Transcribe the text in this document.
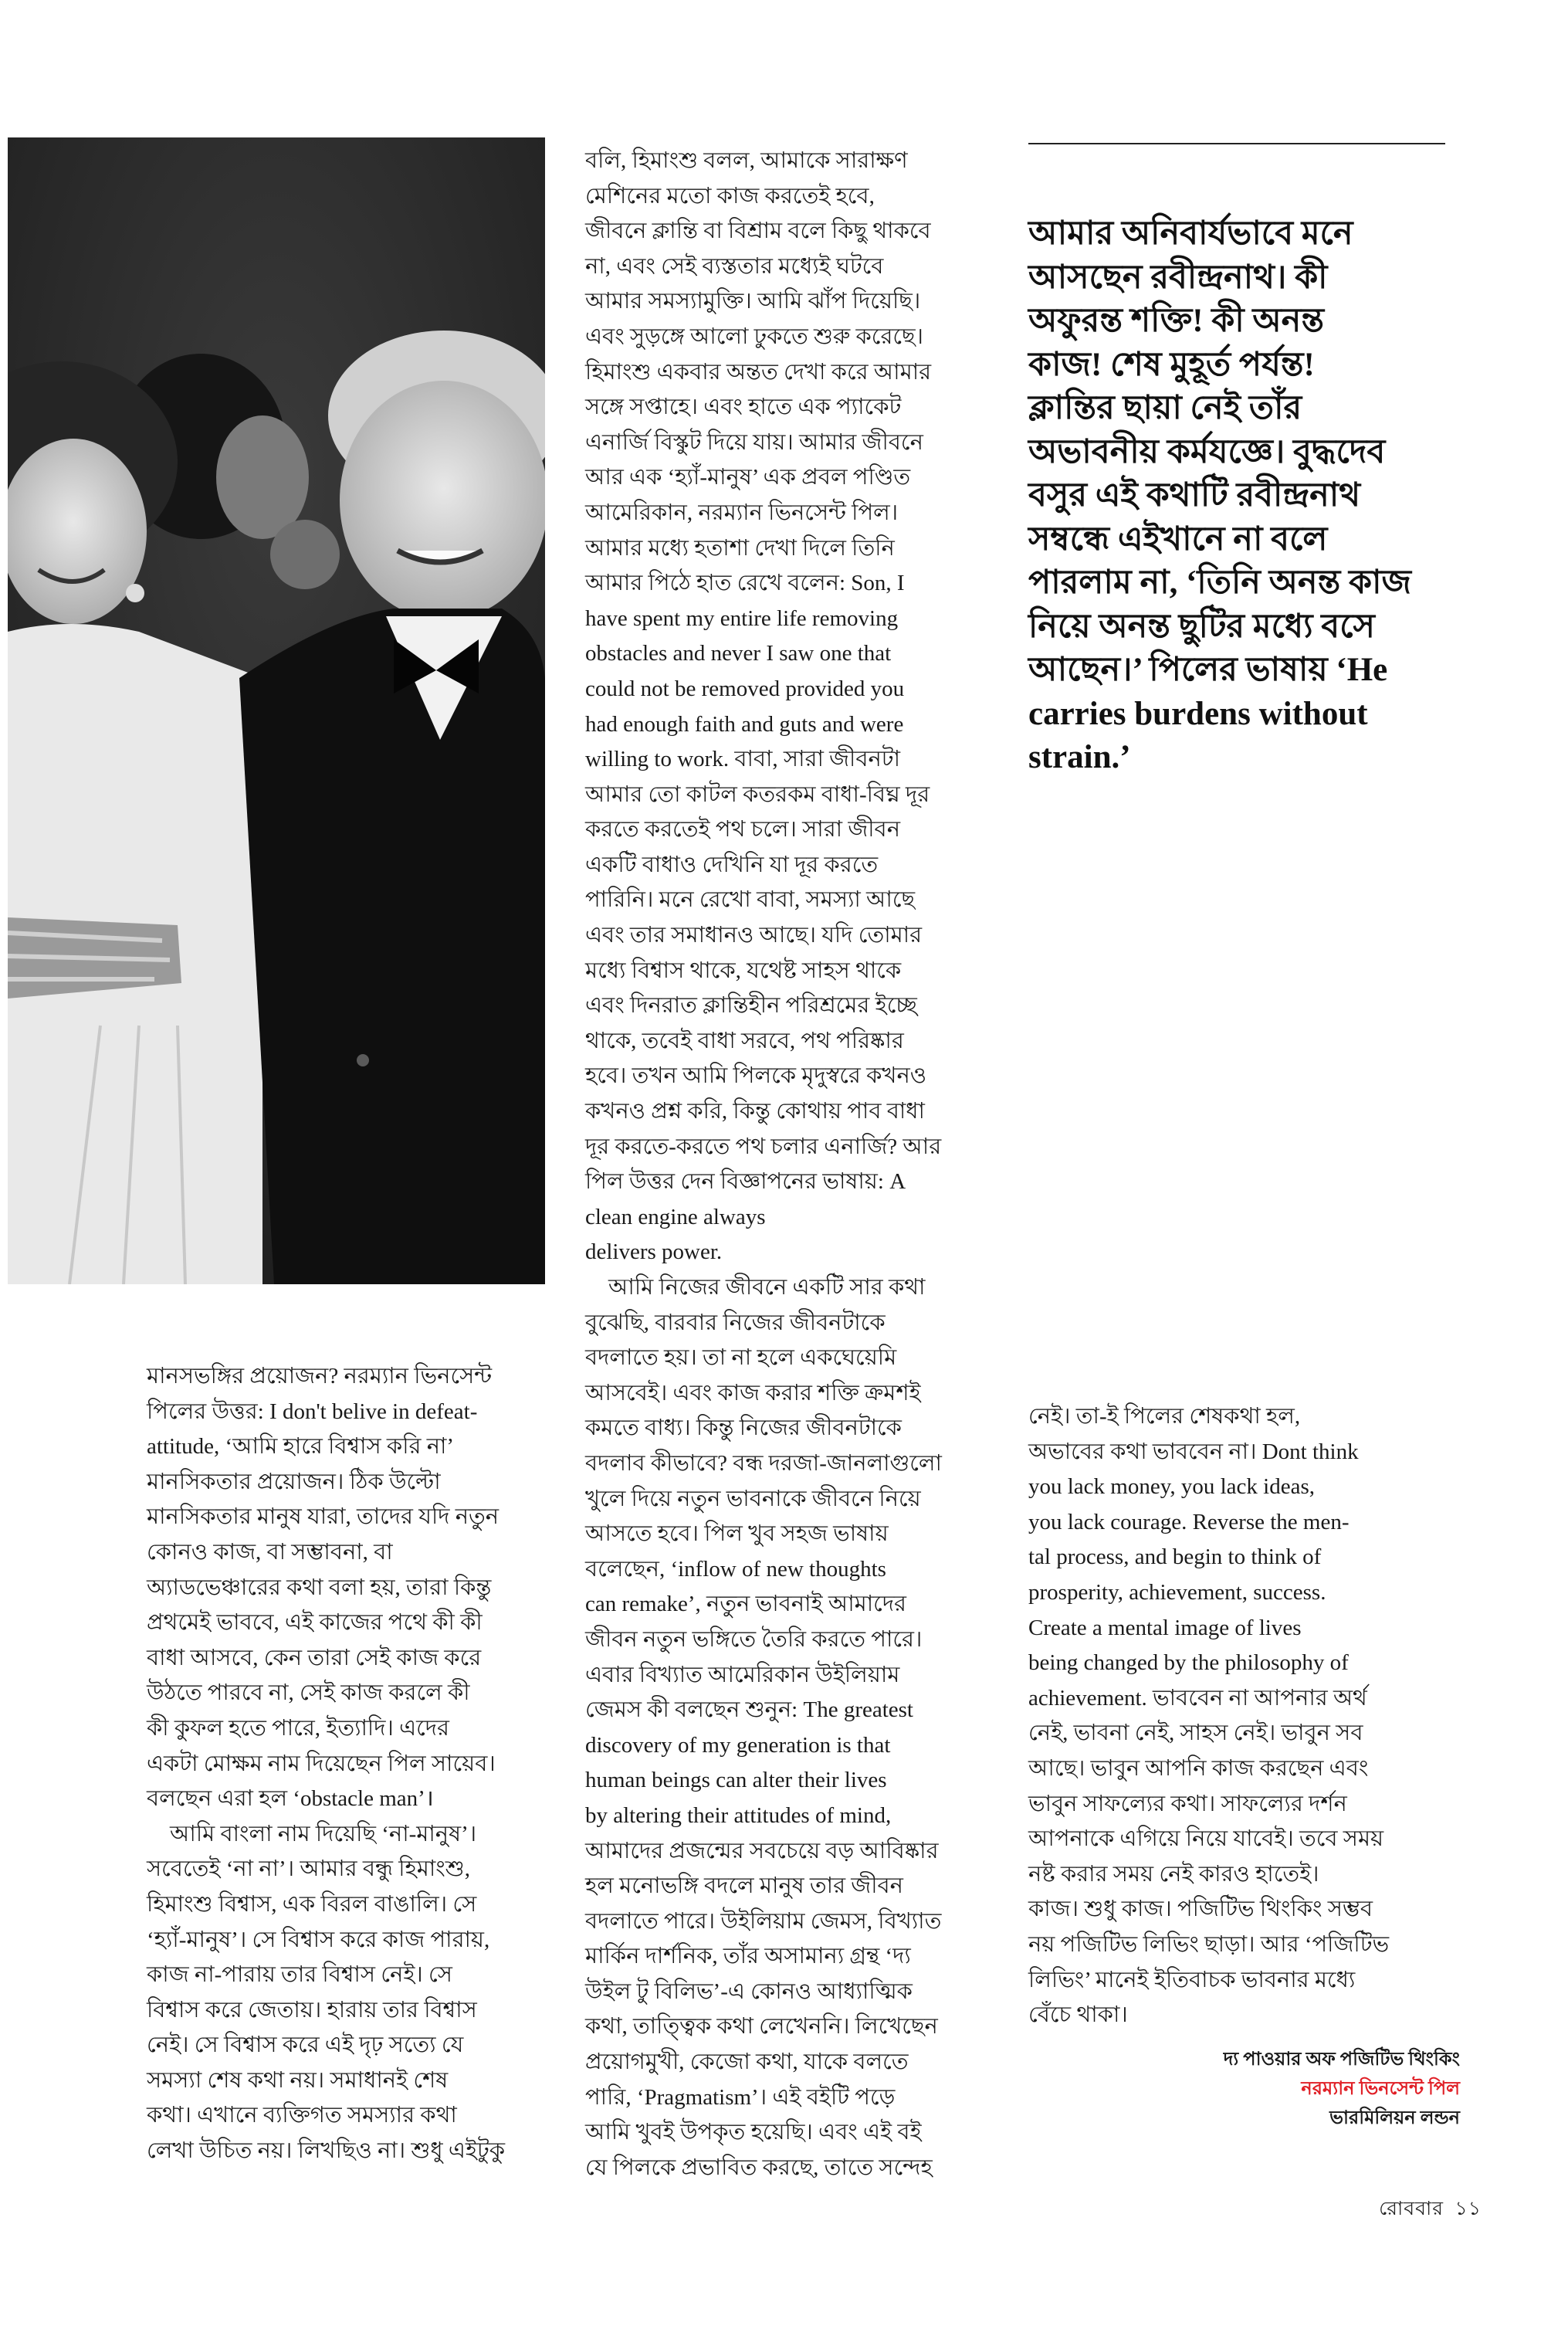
বলি, হিমাংশু বলল, আমাকে সারাক্ষণ
মেশিনের মতো কাজ করতেই হবে,
জীবনে ক্লান্তি বা বিশ্রাম বলে কিছু থাকবে
না, এবং সেই ব্যস্ততার মধ্যেই ঘটবে
আমার সমস্যামুক্তি। আমি ঝাঁপ দিয়েছি।
এবং সুড়ঙ্গে আলো ঢুকতে শুরু করেছে।
হিমাংশু একবার অন্তত দেখা করে আমার
সঙ্গে সপ্তাহে। এবং হাতে এক প্যাকেট
এনার্জি বিস্কুট দিয়ে যায়। আমার জীবনে
আর এক ‘হ্যাঁ-মানুষ’ এক প্রবল পণ্ডিত
আমেরিকান, নরম্যান ভিনসেন্ট পিল।
আমার মধ্যে হতাশা দেখা দিলে তিনি
আমার পিঠে হাত রেখে বলেন: Son, I
have spent my entire life removing
obstacles and never I saw one that
could not be removed provided you
had enough faith and guts and were
willing to work. বাবা, সারা জীবনটা
আমার তো কাটল কতরকম বাধা-বিঘ্ন দূর
করতে করতেই পথ চলে। সারা জীবন
একটি বাধাও দেখিনি যা দূর করতে
পারিনি। মনে রেখো বাবা, সমস্যা আছে
এবং তার সমাধানও আছে। যদি তোমার
মধ্যে বিশ্বাস থাকে, যথেষ্ট সাহস থাকে
এবং দিনরাত ক্লান্তিহীন পরিশ্রমের ইচ্ছে
থাকে, তবেই বাধা সরবে, পথ পরিষ্কার
হবে। তখন আমি পিলকে মৃদুস্বরে কখনও
কখনও প্রশ্ন করি, কিন্তু কোথায় পাব বাধা
দূর করতে-করতে পথ চলার এনার্জি? আর
পিল উত্তর দেন বিজ্ঞাপনের ভাষায়: A
clean engine always
delivers power.

আমি নিজের জীবনে একটি সার কথা
বুঝেছি, বারবার নিজের জীবনটাকে
বদলাতে হয়। তা না হলে একঘেয়েমি
আসবেই। এবং কাজ করার শক্তি ক্রমশই
কমতে বাধ্য। কিন্তু নিজের জীবনটাকে
বদলাব কীভাবে? বন্ধ দরজা-জানলাগুলো
খুলে দিয়ে নতুন ভাবনাকে জীবনে নিয়ে
আসতে হবে। পিল খুব সহজ ভাষায়
বলেছেন, ‘inflow of new thoughts
can remake’, নতুন ভাবনাই আমাদের
জীবন নতুন ভঙ্গিতে তৈরি করতে পারে।
এবার বিখ্যাত আমেরিকান উইলিয়াম
জেমস কী বলছেন শুনুন: The greatest
discovery of my generation is that
human beings can alter their lives
by altering their attitudes of mind,
আমাদের প্রজন্মের সবচেয়ে বড় আবিষ্কার
হল মনোভঙ্গি বদলে মানুষ তার জীবন
বদলাতে পারে। উইলিয়াম জেমস, বিখ্যাত
মার্কিন দার্শনিক, তাঁর অসামান্য গ্রন্থ ‘দ্য
উইল টু বিলিভ’-এ কোনও আধ্যাত্মিক
কথা, তাত্ত্বিক কথা লেখেননি। লিখেছেন
প্রয়োগমুখী, কেজো কথা, যাকে বলতে
পারি, ‘Pragmatism’। এই বইটি পড়ে
আমি খুবই উপকৃত হয়েছি। এবং এই বই
যে পিলকে প্রভাবিত করছে, তাতে সন্দেহ

আমার অনিবার্যভাবে মনে
আসছেন রবীন্দ্রনাথ। কী
অফুরন্ত শক্তি! কী অনন্ত
কাজ! শেষ মুহূর্ত পর্যন্ত!
ক্লান্তির ছায়া নেই তাঁর
অভাবনীয় কর্মযজ্ঞে। বুদ্ধদেব
বসুর এই কথাটি রবীন্দ্রনাথ
সম্বন্ধে এইখানে না বলে
পারলাম না, ‘তিনি অনন্ত কাজ
নিয়ে অনন্ত ছুটির মধ্যে বসে
আছেন।’ পিলের ভাষায় ‘He
carries burdens without
strain.’

মানসভঙ্গির প্রয়োজন? নরম্যান ভিনসেন্ট
পিলের উত্তর: I don't belive in defeat-
attitude, ‘আমি হারে বিশ্বাস করি না’
মানসিকতার প্রয়োজন। ঠিক উল্টো
মানসিকতার মানুষ যারা, তাদের যদি নতুন
কোনও কাজ, বা সম্ভাবনা, বা
অ্যাডভেঞ্চারের কথা বলা হয়, তারা কিন্তু
প্রথমেই ভাববে, এই কাজের পথে কী কী
বাধা আসবে, কেন তারা সেই কাজ করে
উঠতে পারবে না, সেই কাজ করলে কী
কী কুফল হতে পারে, ইত্যাদি। এদের
একটা মোক্ষম নাম দিয়েছেন পিল সায়েব।
বলছেন এরা হল ‘obstacle man’।

আমি বাংলা নাম দিয়েছি ‘না-মানুষ’।
সবেতেই ‘না না’। আমার বন্ধু হিমাংশু,
হিমাংশু বিশ্বাস, এক বিরল বাঙালি। সে
‘হ্যাঁ-মানুষ’। সে বিশ্বাস করে কাজ পারায়,
কাজ না-পারায় তার বিশ্বাস নেই। সে
বিশ্বাস করে জেতায়। হারায় তার বিশ্বাস
নেই। সে বিশ্বাস করে এই দৃঢ় সত্যে যে
সমস্যা শেষ কথা নয়। সমাধানই শেষ
কথা। এখানে ব্যক্তিগত সমস্যার কথা
লেখা উচিত নয়। লিখছিও না। শুধু এইটুকু

নেই। তা-ই পিলের শেষকথা হল,
অভাবের কথা ভাববেন না। Dont think
you lack money, you lack ideas,
you lack courage. Reverse the men-
tal process, and begin to think of
prosperity, achievement, success.
Create a mental image of lives
being changed by the philosophy of
achievement. ভাববেন না আপনার অর্থ
নেই, ভাবনা নেই, সাহস নেই। ভাবুন সব
আছে। ভাবুন আপনি কাজ করছেন এবং
ভাবুন সাফল্যের কথা। সাফল্যের দর্শন
আপনাকে এগিয়ে নিয়ে যাবেই। তবে সময়
নষ্ট করার সময় নেই কারও হাতেই।
কাজ। শুধু কাজ। পজিটিভ থিংকিং সম্ভব
নয় পজিটিভ লিভিং ছাড়া। আর ‘পজিটিভ
লিভিং’ মানেই ইতিবাচক ভাবনার মধ্যে
বেঁচে থাকা।

দ্য পাওয়ার অফ পজিটিভ থিংকিং
নরম্যান ভিনসেন্ট পিল
ভারমিলিয়ন লন্ডন
রোববার ১১
